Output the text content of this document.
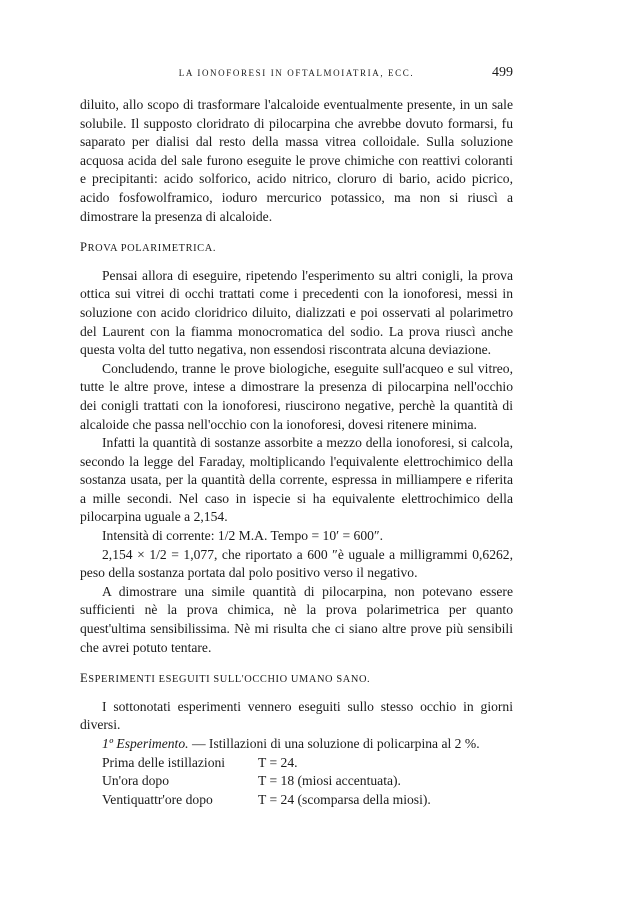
LA IONOFORESI IN OFTALMOIATRIA, ECC.	499

diluito, allo scopo di trasformare l'alcaloide eventualmente presente, in un sale solubile. Il supposto cloridrato di pilocarpina che avrebbe dovuto formarsi, fu saparato per dialisi dal resto della massa vitrea colloidale. Sulla soluzione acquosa acida del sale furono eseguite le prove chimiche con reattivi coloranti e precipitanti: acido solforico, acido nitrico, cloruro di bario, acido picrico, acido fosfowolframico, ioduro mercurico potassico, ma non si riuscì a dimostrare la presenza di alcaloide.

PROVA POLARIMETRICA.

Pensai allora di eseguire, ripetendo l'esperimento su altri conigli, la prova ottica sui vitrei di occhi trattati come i precedenti con la ionoforesi, messi in soluzione con acido cloridrico diluito, dializzati e poi osservati al polarimetro del Laurent con la fiamma monocromatica del sodio. La prova riuscì anche questa volta del tutto negativa, non essendosi riscontrata alcuna deviazione.

Concludendo, tranne le prove biologiche, eseguite sull'acqueo e sul vitreo, tutte le altre prove, intese a dimostrare la presenza di pilocarpina nell'occhio dei conigli trattati con la ionoforesi, riuscirono negative, perchè la quantità di alcaloide che passa nell'occhio con la ionoforesi, dovesi ritenere minima.

Infatti la quantità di sostanze assorbite a mezzo della ionoforesi, si calcola, secondo la legge del Faraday, moltiplicando l'equivalente elettrochimico della sostanza usata, per la quantità della corrente, espressa in milliampere e riferita a mille secondi. Nel caso in ispecie si ha equivalente elettrochimico della pilocarpina uguale a 2,154.

Intensità di corrente: 1/2 M.A. Tempo = 10′ = 600″.

2,154 × 1/2 = 1,077, che riportato a 600 ″è uguale a milligrammi 0,6262, peso della sostanza portata dal polo positivo verso il negativo.

A dimostrare una simile quantità di pilocarpina, non potevano essere sufficienti nè la prova chimica, nè la prova polarimetrica per quanto quest'ultima sensibilissima. Nè mi risulta che ci siano altre prove più sensibili che avrei potuto tentare.

ESPERIMENTI ESEGUITI SULL'OCCHIO UMANO SANO.

I sottonotati esperimenti vennero eseguiti sullo stesso occhio in giorni diversi.

1º Esperimento. — Istillazioni di una soluzione di policarpina al 2 %.

Prima delle istillazioni	T = 24.
Un'ora dopo	T = 18 (miosi accentuata).
Ventiquattr'ore dopo	T = 24 (scomparsa della miosi).
